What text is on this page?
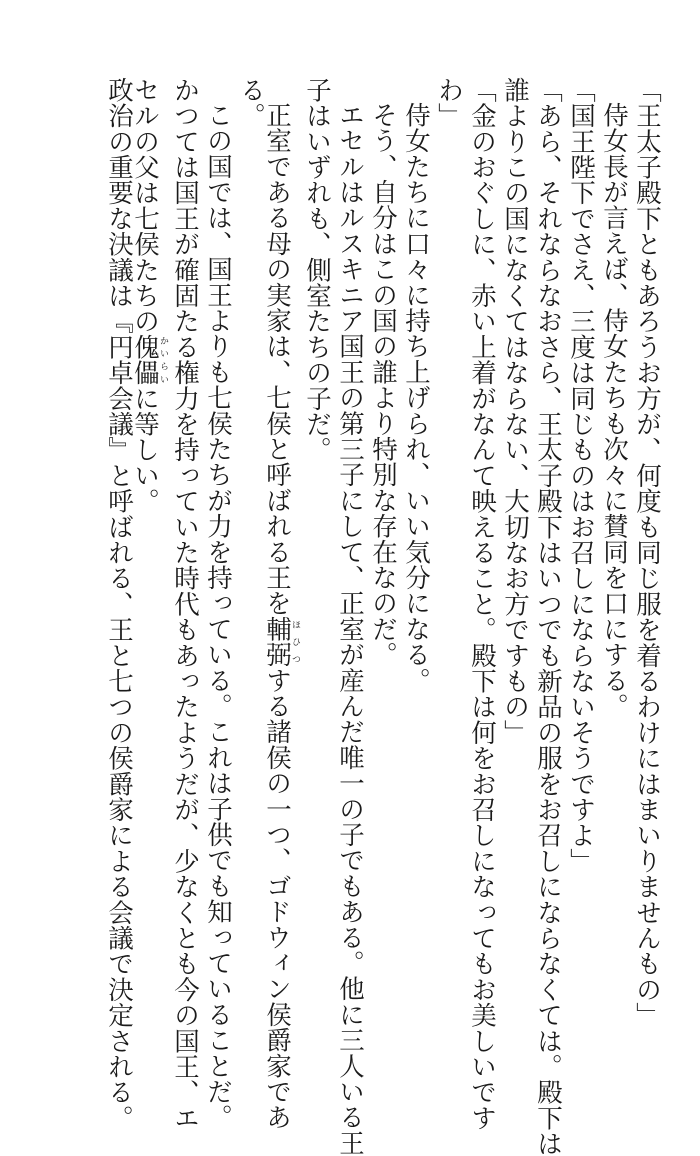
「王太子殿下ともあろうお方が、何度も同じ服を着るわけにはまいりませんもの」
侍女長が言えば、侍女たちも次々に賛同を口にする。
「国王陛下でさえ、三度は同じものはお召しにならないそうですよ」
「あら、それならなおさら、王太子殿下はいつでも新品の服をお召しにならなくては。殿下は
誰よりこの国になくてはならない、大切なお方ですもの」
「金のおぐしに、赤い上着がなんて映えること。殿下は何をお召しになってもお美しいです
わ」
侍女たちに口々に持ち上げられ、いい気分になる。
そう、自分はこの国の誰より特別な存在なのだ。
エセルはルスキニア国王の第三子にして、正室が産んだ唯一の子でもある。他に三人いる王
子はいずれも、側室たちの子だ。
正室である母の実家は、七侯と呼ばれる王を輔弼ほひつする諸侯の一つ、ゴドウィン侯爵家であ
る。
この国では、国王よりも七侯たちが力を持っている。これは子供でも知っていることだ。
かつては国王が確固たる権力を持っていた時代もあったようだが、少なくとも今の国王、エ
セルの父は七侯たちの傀儡かいらいに等しい。
政治の重要な決議は『円卓会議』と呼ばれる、王と七つの侯爵家による会議で決定される。
